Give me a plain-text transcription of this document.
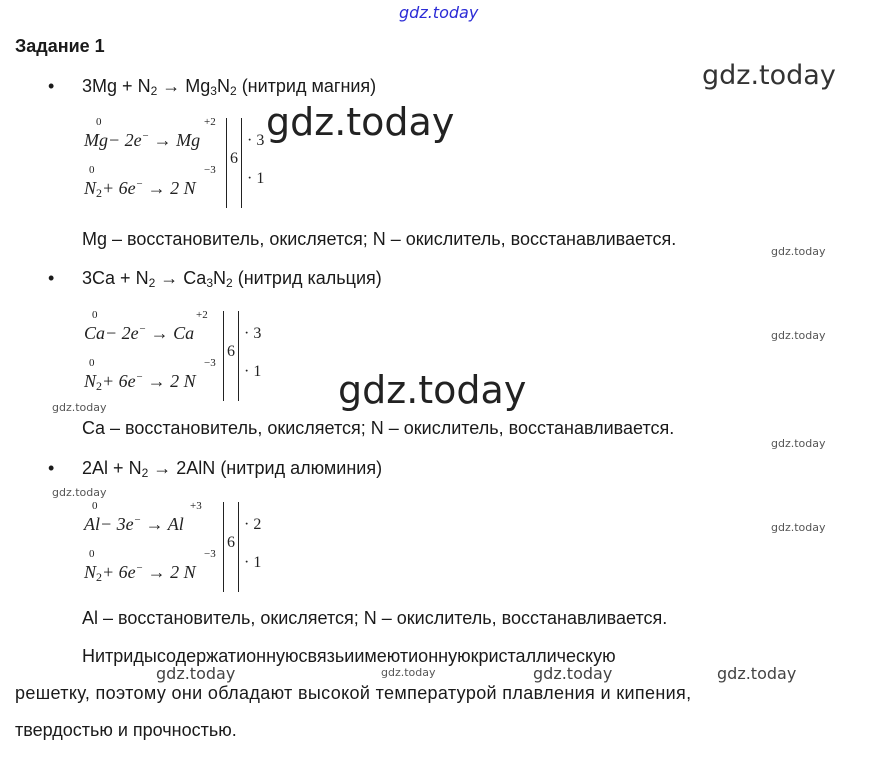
gdz.today
gdz.today
gdz.today
gdz.today
gdz.today
gdz.today
gdz.today
gdz.today
gdz.today
gdz.today
gdz.today	gdz.today	gdz.today	gdz.today
Задание 1
• $3Mg + N_2 \to Mg_3N_2$ (нитрид магния)
0
Mg− 2e− → Mg
+2
0
$N_2+ 6e^- \to 2$ N
−3
6
· 3
· 1
Mg – восстановитель, окисляется; N – окислитель, восстанавливается.
• $3Ca + N_2 \to Ca_3N_2$ (нитрид кальция)
0
Ca− 2e− → Ca
+2
0
$N_2+ 6e^- \to 2$ N
−3
6
· 3
· 1
Ca – восстановитель, окисляется; N – окислитель, восстанавливается.
• $2Al + N_2 \to 2AlN$ (нитрид алюминия)
0
Al− 3e− → Al
+3
0
$N_2+ 6e^- \to 2$ N
−3
6
· 2
· 1
Al – восстановитель, окисляется; N – окислитель, восстанавливается.
Нитридысодержатионнуюсвязьиимеютионнуюкристаллическую
решетку, поэтому они обладают высокой температурой плавления и кипения,
твердостью и прочностью.
